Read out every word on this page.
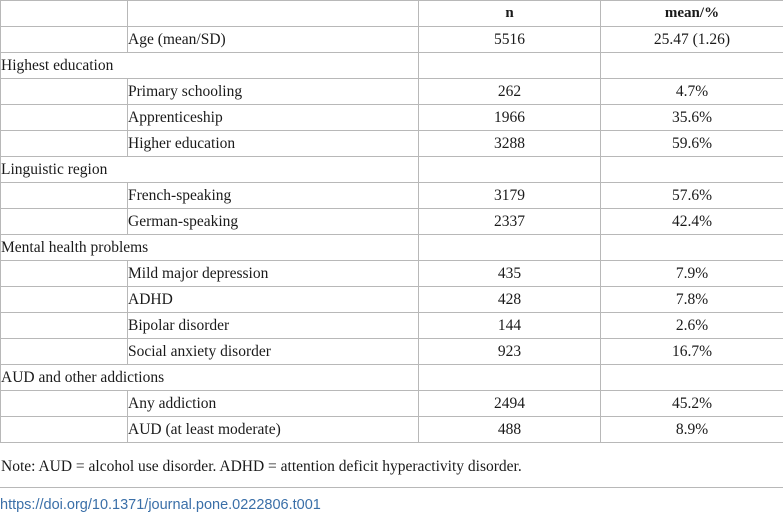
		n	mean/%
	Age (mean/SD)	5516	25.47 (1.26)
Highest education			
	Primary schooling	262	4.7%
	Apprenticeship	1966	35.6%
	Higher education	3288	59.6%
Linguistic region			
	French-speaking	3179	57.6%
	German-speaking	2337	42.4%
Mental health problems			
	Mild major depression	435	7.9%
	ADHD	428	7.8%
	Bipolar disorder	144	2.6%
	Social anxiety disorder	923	16.7%
AUD and other addictions			
	Any addiction	2494	45.2%
	AUD (at least moderate)	488	8.9%
Note: AUD = alcohol use disorder. ADHD = attention deficit hyperactivity disorder.
https://doi.org/10.1371/journal.pone.0222806.t001
